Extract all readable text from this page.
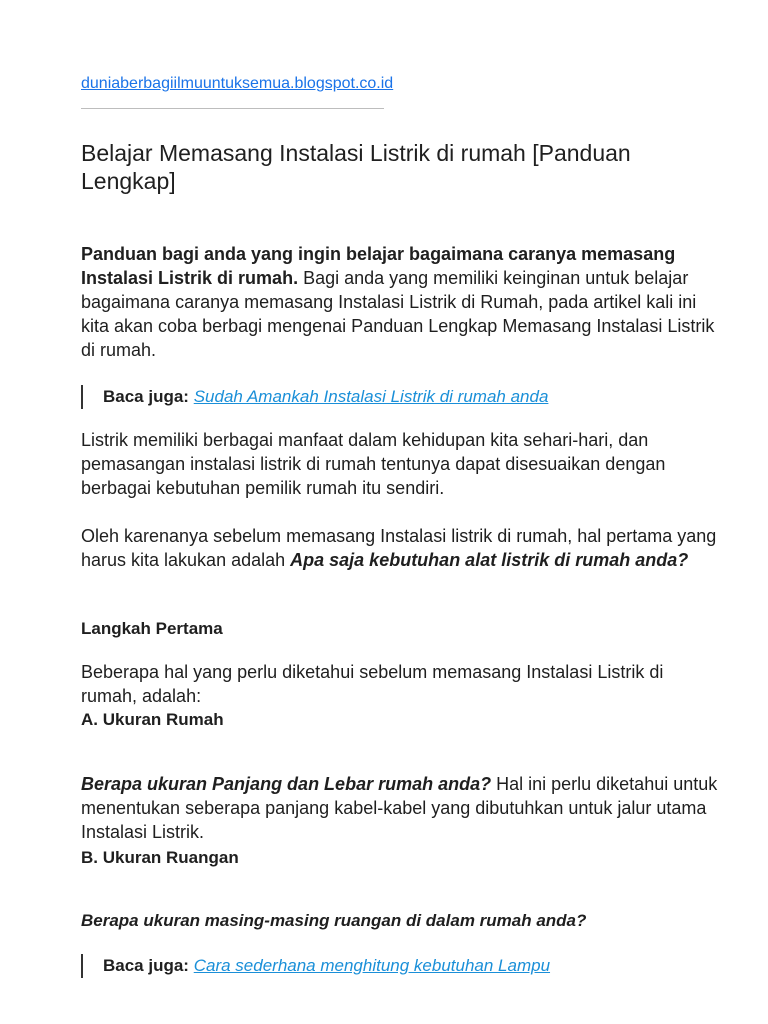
duniaberbagiilmuuntuksemua.blogspot.co.id
Belajar Memasang Instalasi Listrik di rumah [Panduan Lengkap]

Panduan bagi anda yang ingin belajar bagaimana caranya memasang Instalasi Listrik di rumah. Bagi anda yang memiliki keinginan untuk belajar bagaimana caranya memasang Instalasi Listrik di Rumah, pada artikel kali ini kita akan coba berbagi mengenai Panduan Lengkap Memasang Instalasi Listrik di rumah.

Baca juga: Sudah Amankah Instalasi Listrik di rumah anda

Listrik memiliki berbagai manfaat dalam kehidupan kita sehari-hari, dan pemasangan instalasi listrik di rumah tentunya dapat disesuaikan dengan berbagai kebutuhan pemilik rumah itu sendiri.

Oleh karenanya sebelum memasang Instalasi listrik di rumah, hal pertama yang harus kita lakukan adalah Apa saja kebutuhan alat listrik di rumah anda?

Langkah Pertama

Beberapa hal yang perlu diketahui sebelum memasang Instalasi Listrik di rumah, adalah:

A. Ukuran Rumah

Berapa ukuran Panjang dan Lebar rumah anda? Hal ini perlu diketahui untuk menentukan seberapa panjang kabel-kabel yang dibutuhkan untuk jalur utama Instalasi Listrik.

B. Ukuran Ruangan

Berapa ukuran masing-masing ruangan di dalam rumah anda?

Baca juga: Cara sederhana menghitung kebutuhan Lampu
